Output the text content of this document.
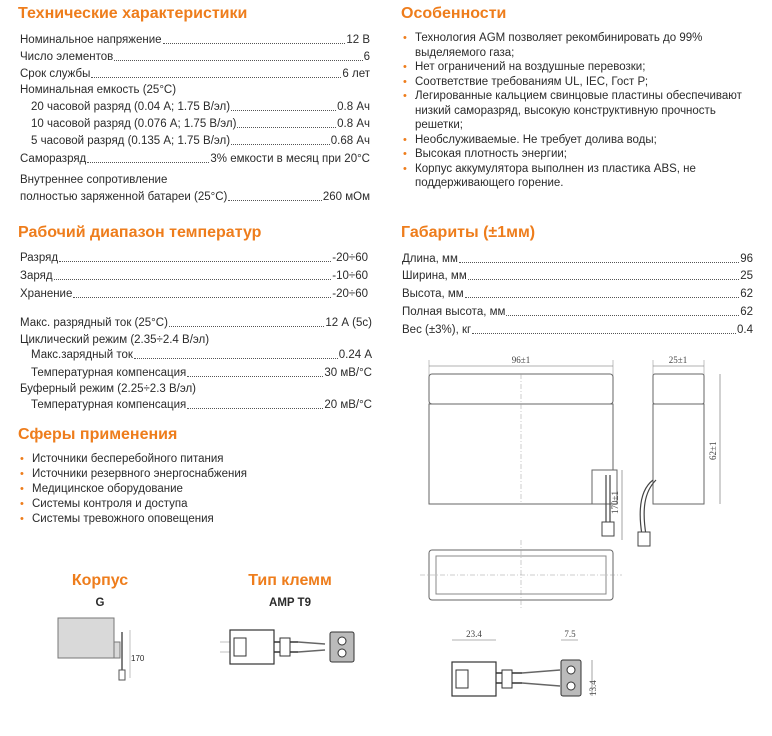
Технические характеристики
Номинальное напряжение	12 В
Число элементов	6
Срок службы	6 лет
Номинальная емкость (25°C)
20 часовой разряд (0.04 А; 1.75 В/эл)	0.8 Ач
10 часовой разряд (0.076 А; 1.75 В/эл)	0.8 Ач
5 часовой разряд (0.135 А; 1.75 В/эл)	0.68 Ач
Саморазряд	3% емкости в месяц при 20°C
Внутреннее сопротивление
полностью заряженной батареи (25°C)	260 мОм
Рабочий диапазон температур
Разряд	-20÷60
Заряд	-10÷60
Хранение	-20÷60
Макс. разрядный ток (25°C)	12 А (5с)
Циклический режим (2.35÷2.4 В/эл)
Макс.зарядный ток	0.24 А
Температурная компенсация	30 мВ/°С
Буферный режим (2.25÷2.3 В/эл)
Температурная компенсация	20 мВ/°С
Сферы применения
• Источники бесперебойного питания
• Источники резервного энергоснабжения
• Медицинское оборудование
• Системы контроля и доступа
• Системы тревожного оповещения
Корпус
G
170
Тип клемм
AMP T9
Особенности
• Технология AGM позволяет рекомбинировать до 99% выделяемого газа;
• Нет ограничений на воздушные перевозки;
• Соответствие требованиям UL, IEC, Гост Р;
• Легированные кальцием свинцовые пластины обеспечивают низкий саморазряд, высокую конструктивную прочность решетки;
• Необслуживаемые. Не требует долива воды;
• Высокая плотность энергии;
• Корпус аккумулятора выполнен из пластика ABS, не поддерживающего горение.
Габариты (±1мм)
Длина, мм	96
Ширина, мм	25
Высота, мм	62
Полная высота, мм	62
Вес (±3%), кг	0.4
96±1
170±1
25±1
62±1
23.4	7.5
13.4
